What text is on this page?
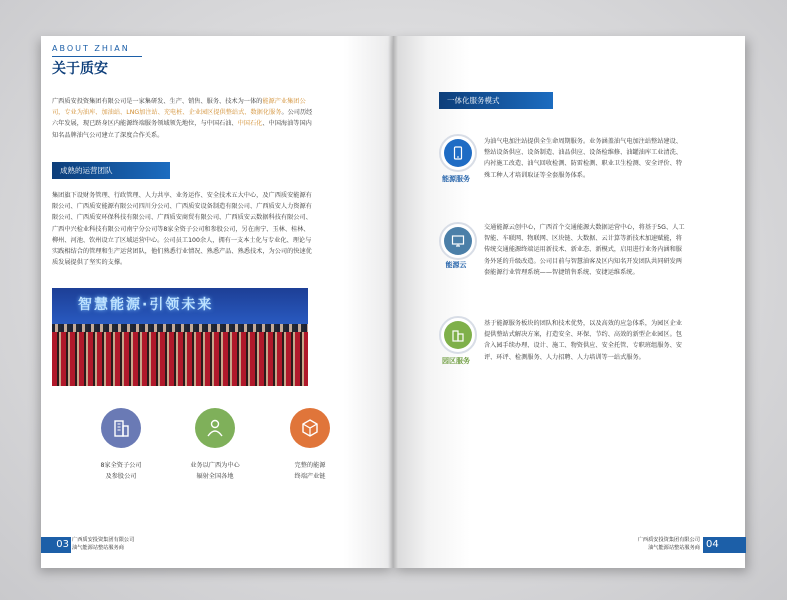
ABOUT ZHIAN
关于质安
广西质安投资集团有限公司是一家集研发、生产、销售、服务、技术为一体的能源产业集团公司，专业为油库、加油站、LNG加注站、充电桩、企业园区提供整站式、数据化服务。公司历经六年发展，现已跻身区内能源终端服务领域领先地位，与中国石油、中国石化、中国海油等国内知名品牌油气公司建立了深度合作关系。
成熟的运营团队
集团旗下设财务管理、行政管理、人力共享、业务运作、安全技术五大中心，及广西质安能源有限公司、广西质安能源有限公司四川分公司、广西质安设备制造有限公司、广西质安人力资源有限公司、广西质安环保科技有限公司、广西质安商贸有限公司、广西质安云数据科技有限公司、广西中兴检业科技有限公司南宁分公司等8家全资子公司和参股公司，另在南宁、玉林、桂林、柳州、河池、钦州设立了区域运营中心。公司员工100余人，拥有一支本土化与专业化、理论与实践相结合的管理和生产运营团队，他们熟悉行业情况、熟悉产品、熟悉技术，为公司的快速优质发展提供了坚实的支撑。
智慧能源·引领未来
8家全资子公司
及参股公司
业务以广西为中心
辐射全国各地
完整的能源
终端产业链
03 广西质安投资集团有限公司
油气能源站整站服务商
一体化服务模式
能源服务
为油气电加注站提供全生命周期服务。业务涵盖油气电加注站整站建设、整站设备供应、设备制造、油品供应、设备检维修、油罐油库工业清洗、内衬施工改造、油气回收检测、防雷检测、职业卫生检测、安全评价、特殊工种人才培训取证等全套服务体系。
能源云
交通能源云创中心，广西首个交通能源大数据运营中心，将基于5G、人工智能、车联网、物联网、区块链、大数据、云计算等新技术加速赋能，将传统交通能源终端运用新技术、新业态、新模式，启用进行业务内涵和服务外延的升级改造。公司目前与智慧油客及区内知名开发团队共同研发两套能源行业管理系统——智捷销售系统、安捷运维系统。
园区服务
基于能源服务板块的团队和技术优势，以及高效的应急体系，为园区企业提供整站式解决方案，打造安全、环保、节约、高效的新型企业园区。包含入园手续办理、设计、施工、物资供应、安全托管、专职班组服务、安评、环评、检测服务、人力招聘、人力培训等一站式服务。
广西质安投资集团有限公司
油气能源站整站服务商 04
